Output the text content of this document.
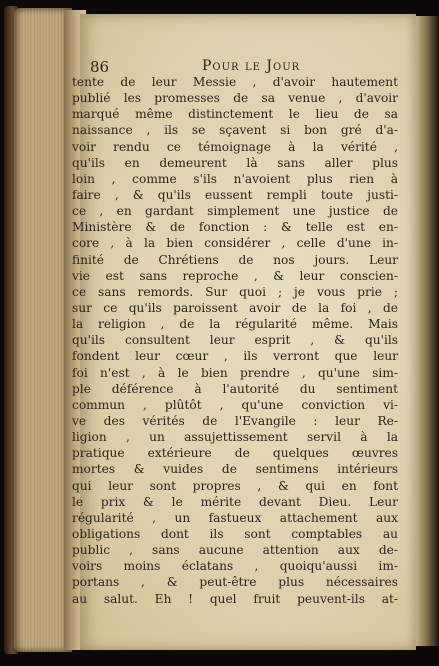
86	Pour le Jour
tente de leur Messie , d'avoir hautement
publié les promesses de sa venue , d'avoir
marqué même distinctement le lieu de sa
naissance , ils se sçavent si bon gré d'a-
voir rendu ce témoignage à la vérité ,
qu'ils en demeurent là sans aller plus
loin , comme s'ils n'avoient plus rien à
faire , & qu'ils eussent rempli toute justi-
ce , en gardant simplement une justice de
Ministère & de fonction : & telle est en-
core , à la bien considérer , celle d'une in-
finité de Chrétiens de nos jours. Leur
vie est sans reproche , & leur conscien-
ce sans remords. Sur quoi ; je vous prie ;
sur ce qu'ils paroissent avoir de la foi , de
la religion , de la régularité même. Mais
qu'ils consultent leur esprit , & qu'ils
fondent leur cœur , ils verront que leur
foi n'est , à le bien prendre , qu'une sim-
ple déférence à l'autorité du sentiment
commun , plûtôt , qu'une conviction vi-
ve des vérités de l'Evangile : leur Re-
ligion , un assujettissement servil à la
pratique extérieure de quelques œuvres
mortes & vuides de sentimens intérieurs
qui leur sont propres , & qui en font
le prix & le mérite devant Dieu. Leur
régularité , un fastueux attachement aux
obligations dont ils sont comptables au
public , sans aucune attention aux de-
voirs moins éclatans , quoiqu'aussi im-
portans , & peut-être plus nécessaires
au salut. Eh ! quel fruit peuvent-ils at-
